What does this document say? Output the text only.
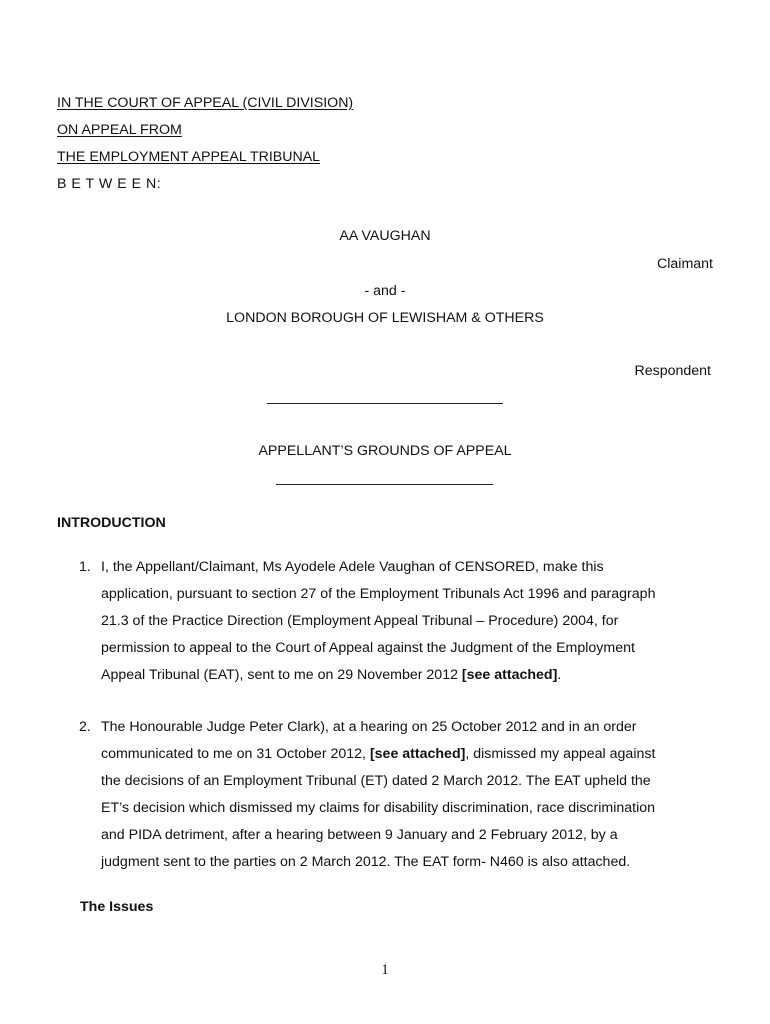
IN THE COURT OF APPEAL (CIVIL DIVISION)
ON APPEAL FROM
THE EMPLOYMENT APPEAL TRIBUNAL
B E T W E E N:
AA VAUGHAN
Claimant
- and -
LONDON BOROUGH OF LEWISHAM & OTHERS
Respondent
APPELLANT’S GROUNDS OF APPEAL
INTRODUCTION
1. I, the Appellant/Claimant, Ms Ayodele Adele Vaughan of CENSORED, make this
application, pursuant to section 27 of the Employment Tribunals Act 1996 and paragraph
21.3 of the Practice Direction (Employment Appeal Tribunal – Procedure) 2004, for
permission to appeal to the Court of Appeal against the Judgment of the Employment
Appeal Tribunal (EAT), sent to me on 29 November 2012 [see attached].
2. The Honourable Judge Peter Clark), at a hearing on 25 October 2012 and in an order
communicated to me on 31 October 2012, [see attached], dismissed my appeal against
the decisions of an Employment Tribunal (ET) dated 2 March 2012. The EAT upheld the
ET’s decision which dismissed my claims for disability discrimination, race discrimination
and PIDA detriment, after a hearing between 9 January and 2 February 2012, by a
judgment sent to the parties on 2 March 2012. The EAT form- N460 is also attached.
The Issues
1
